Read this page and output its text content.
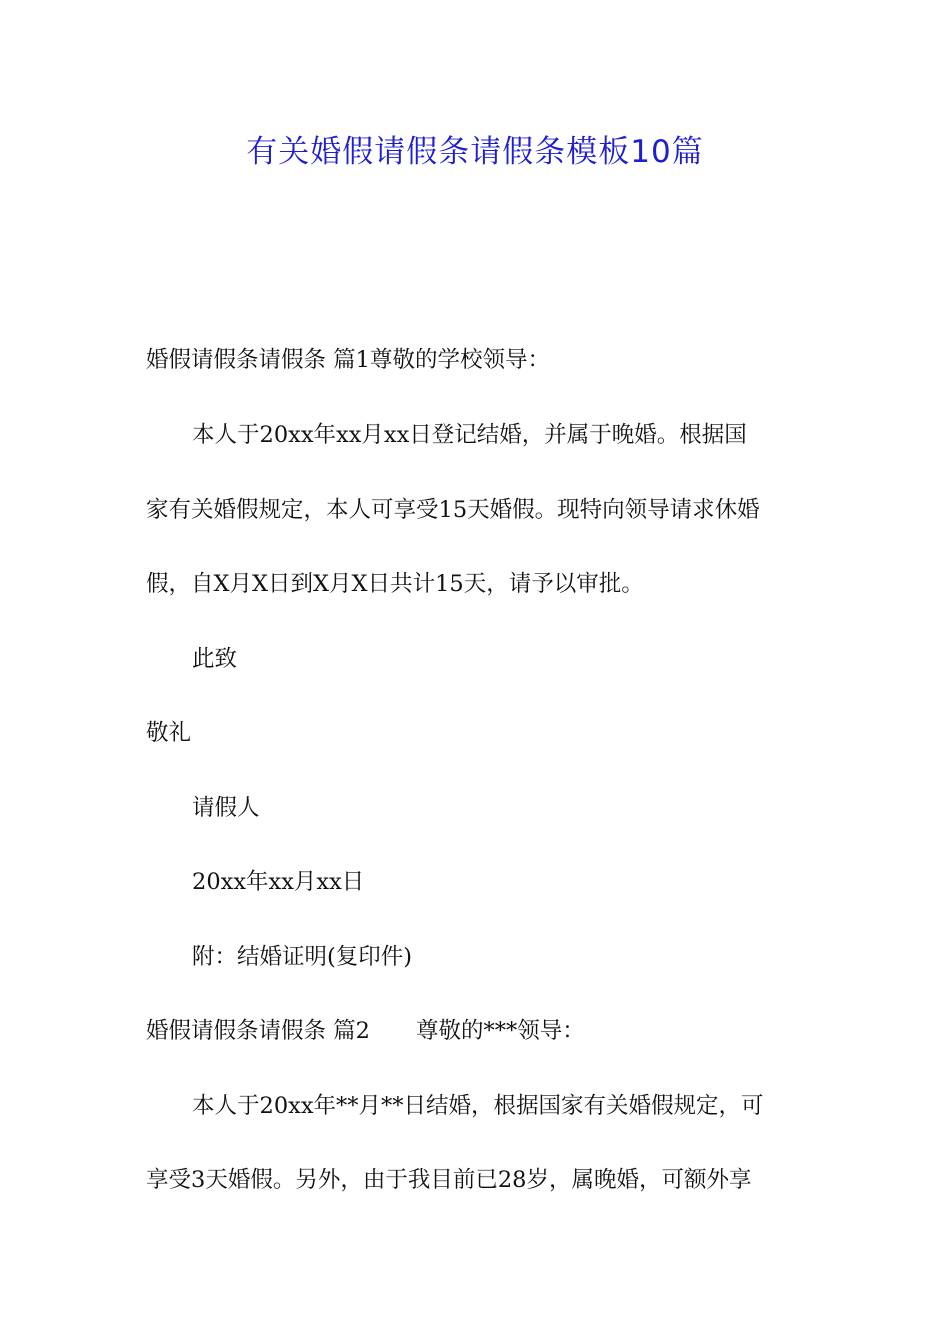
有关婚假请假条请假条模板10篇

婚假请假条请假条 篇1尊敬的学校领导：

本人于20xx年xx月xx日登记结婚，并属于晚婚。根据国

家有关婚假规定，本人可享受15天婚假。现特向领导请求休婚

假，自X月X日到X月X日共计15天，请予以审批。

此致

敬礼

请假人

20xx年xx月xx日

附：结婚证明(复印件)

婚假请假条请假条 篇2 尊敬的***领导：

本人于20xx年**月**日结婚，根据国家有关婚假规定，可

享受3天婚假。另外，由于我目前已28岁，属晚婚，可额外享
